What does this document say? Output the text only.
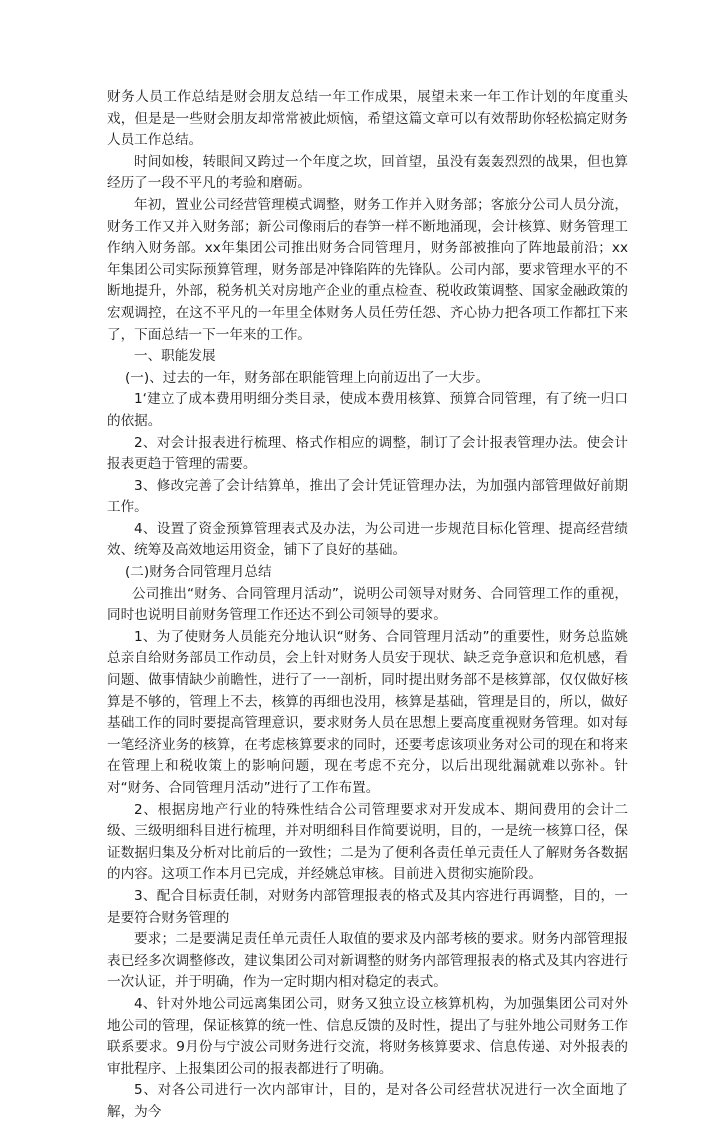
财务人员工作总结是财会朋友总结一年工作成果，展望未来一年工作计划的年度重头戏，但是是一些财会朋友却常常被此烦恼，希望这篇文章可以有效帮助你轻松搞定财务人员工作总结。

时间如梭，转眼间又跨过一个年度之坎，回首望，虽没有轰轰烈烈的战果，但也算经历了一段不平凡的考验和磨砺。

年初，置业公司经营管理模式调整，财务工作并入财务部；客旅分公司人员分流，财务工作又并入财务部；新公司像雨后的春笋一样不断地涌现，会计核算、财务管理工作纳入财务部。xx年集团公司推出财务合同管理月，财务部被推向了阵地最前沿；xx年集团公司实际预算管理，财务部是冲锋陷阵的先锋队。公司内部，要求管理水平的不断地提升，外部，税务机关对房地产企业的重点检查、税收政策调整、国家金融政策的宏观调控，在这不平凡的一年里全体财务人员任劳任怨、齐心协力把各项工作都扛下来了，下面总结一下一年来的工作。

一、职能发展

(一)、过去的一年，财务部在职能管理上向前迈出了一大步。

1‘建立了成本费用明细分类目录，使成本费用核算、预算合同管理，有了统一归口的依据。

2、对会计报表进行梳理、格式作相应的调整，制订了会计报表管理办法。使会计报表更趋于管理的需要。

3、修改完善了会计结算单，推出了会计凭证管理办法，为加强内部管理做好前期工作。

4、设置了资金预算管理表式及办法，为公司进一步规范目标化管理、提高经营绩效、统筹及高效地运用资金，铺下了良好的基础。

(二)财务合同管理月总结

公司推出“财务、合同管理月活动”，说明公司领导对财务、合同管理工作的重视，同时也说明目前财务管理工作还达不到公司领导的要求。

1、为了使财务人员能充分地认识“财务、合同管理月活动”的重要性，财务总监姚总亲自给财务部员工作动员，会上针对财务人员安于现状、缺乏竞争意识和危机感，看问题、做事情缺少前瞻性，进行了一一剖析，同时提出财务部不是核算部，仅仅做好核算是不够的，管理上不去，核算的再细也没用，核算是基础，管理是目的，所以，做好基础工作的同时要提高管理意识，要求财务人员在思想上要高度重视财务管理。如对每一笔经济业务的核算，在考虑核算要求的同时，还要考虑该项业务对公司的现在和将来在管理上和税收策上的影响问题，现在考虑不充分，以后出现纰漏就难以弥补。针对“财务、合同管理月活动”进行了工作布置。

2、根据房地产行业的特殊性结合公司管理要求对开发成本、期间费用的会计二级、三级明细科目进行梳理，并对明细科目作简要说明，目的，一是统一核算口径，保证数据归集及分析对比前后的一致性；二是为了便利各责任单元责任人了解财务各数据的内容。这项工作本月已完成，并经姚总审核。目前进入贯彻实施阶段。

3、配合目标责任制，对财务内部管理报表的格式及其内容进行再调整，目的，一是要符合财务管理的

要求；二是要满足责任单元责任人取值的要求及内部考核的要求。财务内部管理报表已经多次调整修改，建议集团公司对新调整的财务内部管理报表的格式及其内容进行一次认证，并于明确，作为一定时期内相对稳定的表式。

4、针对外地公司远离集团公司，财务又独立设立核算机构，为加强集团公司对外地公司的管理，保证核算的统一性、信息反馈的及时性，提出了与驻外地公司财务工作联系要求。9月份与宁波公司财务进行交流，将财务核算要求、信息传递、对外报表的审批程序、上报集团公司的报表都进行了明确。

5、对各公司进行一次内部审计，目的，是对各公司经营状况进行一次全面地了解，为今
